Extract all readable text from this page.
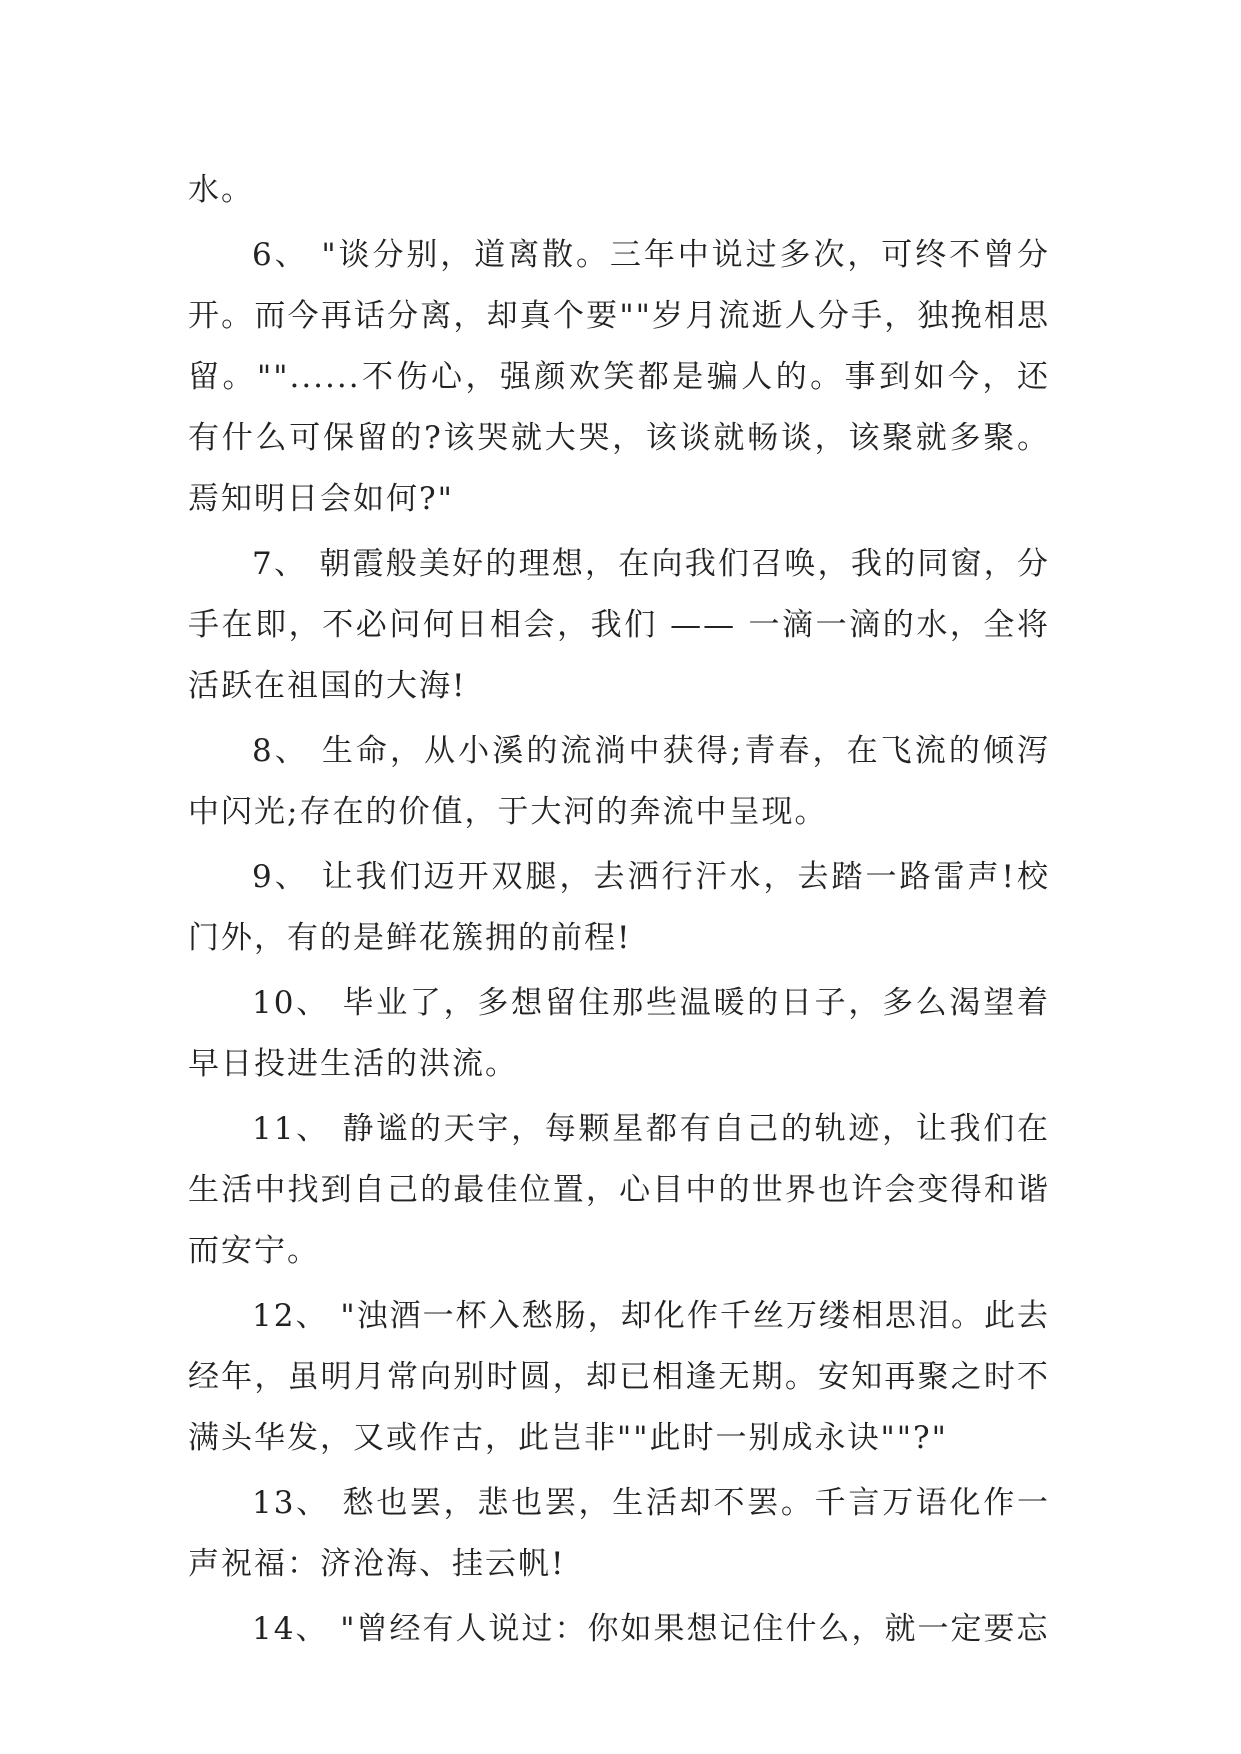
水。

6、 "谈分别，道离散。三年中说过多次，可终不曾分开。而今再话分离，却真个要""岁月流逝人分手，独挽相思留。""......不伤心，强颜欢笑都是骗人的。事到如今，还有什么可保留的?该哭就大哭，该谈就畅谈，该聚就多聚。焉知明日会如何?"

7、 朝霞般美好的理想，在向我们召唤，我的同窗，分手在即，不必问何日相会，我们 —— 一滴一滴的水，全将活跃在祖国的大海!

8、 生命，从小溪的流淌中获得;青春，在飞流的倾泻中闪光;存在的价值，于大河的奔流中呈现。

9、 让我们迈开双腿，去洒行汗水，去踏一路雷声!校门外，有的是鲜花簇拥的前程!

10、 毕业了，多想留住那些温暖的日子，多么渴望着早日投进生活的洪流。

11、 静谧的天宇，每颗星都有自己的轨迹，让我们在生活中找到自己的最佳位置，心目中的世界也许会变得和谐而安宁。

12、 "浊酒一杯入愁肠，却化作千丝万缕相思泪。此去经年，虽明月常向别时圆，却已相逢无期。安知再聚之时不满头华发，又或作古，此岂非""此时一别成永诀""?"

13、 愁也罢，悲也罢，生活却不罢。千言万语化作一声祝福：济沧海、挂云帆!

14、 "曾经有人说过：你如果想记住什么，就一定要忘
